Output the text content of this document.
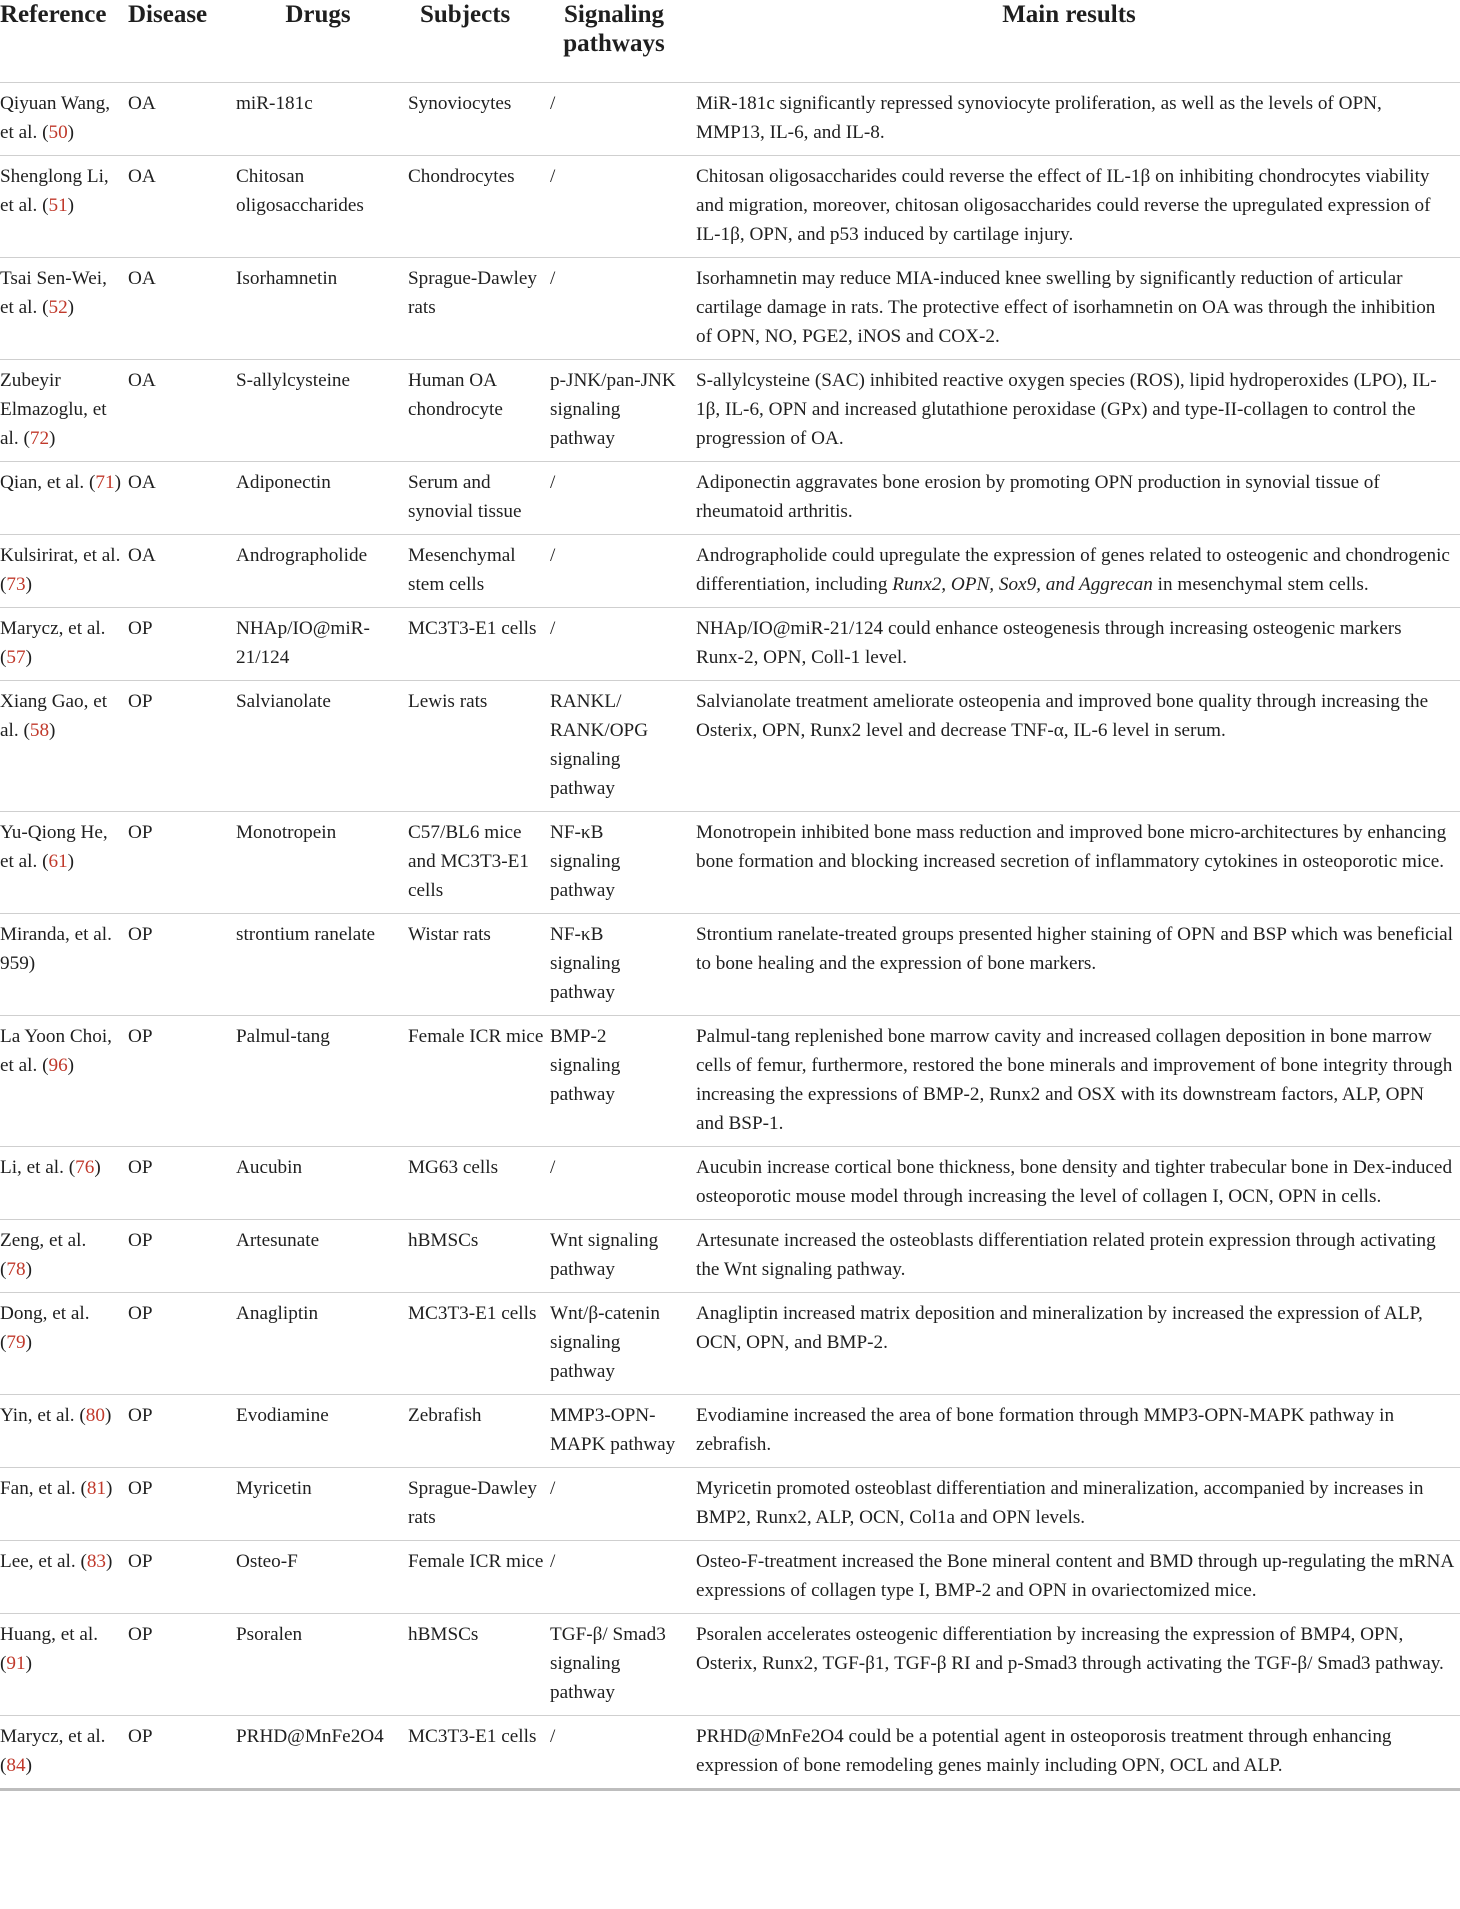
Reference	Disease	Drugs	Subjects	Signaling pathways	Main results
Qiyuan Wang, et al. (50)	OA	miR-181c	Synoviocytes	/	MiR-181c significantly repressed synoviocyte proliferation, as well as the levels of OPN, MMP13, IL-6, and IL-8.
Shenglong Li, et al. (51)	OA	Chitosan oligosaccharides	Chondrocytes	/	Chitosan oligosaccharides could reverse the effect of IL-1β on inhibiting chondrocytes viability and migration, moreover, chitosan oligosaccharides could reverse the upregulated expression of IL-1β, OPN, and p53 induced by cartilage injury.
Tsai Sen-Wei, et al. (52)	OA	Isorhamnetin	Sprague-Dawley rats	/	Isorhamnetin may reduce MIA-induced knee swelling by significantly reduction of articular cartilage damage in rats. The protective effect of isorhamnetin on OA was through the inhibition of OPN, NO, PGE2, iNOS and COX-2.
Zubeyir Elmazoglu, et al. (72)	OA	S-allylcysteine	Human OA chondrocyte	p-JNK/pan-JNK signaling pathway	S-allylcysteine (SAC) inhibited reactive oxygen species (ROS), lipid hydroperoxides (LPO), IL-1β, IL-6, OPN and increased glutathione peroxidase (GPx) and type-II-collagen to control the progression of OA.
Qian, et al. (71)	OA	Adiponectin	Serum and synovial tissue	/	Adiponectin aggravates bone erosion by promoting OPN production in synovial tissue of rheumatoid arthritis.
Kulsirirat, et al. (73)	OA	Andrographolide	Mesenchymal stem cells	/	Andrographolide could upregulate the expression of genes related to osteogenic and chondrogenic differentiation, including Runx2, OPN, Sox9, and Aggrecan in mesenchymal stem cells.
Marycz, et al. (57)	OP	NHAp/IO@miR-21/124	MC3T3-E1 cells	/	NHAp/IO@miR-21/124 could enhance osteogenesis through increasing osteogenic markers Runx-2, OPN, Coll-1 level.
Xiang Gao, et al. (58)	OP	Salvianolate	Lewis rats	RANKL/ RANK/OPG signaling pathway	Salvianolate treatment ameliorate osteopenia and improved bone quality through increasing the Osterix, OPN, Runx2 level and decrease TNF-α, IL-6 level in serum.
Yu-Qiong He, et al. (61)	OP	Monotropein	C57/BL6 mice and MC3T3-E1 cells	NF-κB signaling pathway	Monotropein inhibited bone mass reduction and improved bone micro-architectures by enhancing bone formation and blocking increased secretion of inflammatory cytokines in osteoporotic mice.
Miranda, et al. 959)	OP	strontium ranelate	Wistar rats	NF-κB signaling pathway	Strontium ranelate-treated groups presented higher staining of OPN and BSP which was beneficial to bone healing and the expression of bone markers.
La Yoon Choi, et al. (96)	OP	Palmul-tang	Female ICR mice	BMP-2 signaling pathway	Palmul-tang replenished bone marrow cavity and increased collagen deposition in bone marrow cells of femur, furthermore, restored the bone minerals and improvement of bone integrity through increasing the expressions of BMP-2, Runx2 and OSX with its downstream factors, ALP, OPN and BSP-1.
Li, et al. (76)	OP	Aucubin	MG63 cells	/	Aucubin increase cortical bone thickness, bone density and tighter trabecular bone in Dex-induced osteoporotic mouse model through increasing the level of collagen I, OCN, OPN in cells.
Zeng, et al. (78)	OP	Artesunate	hBMSCs	Wnt signaling pathway	Artesunate increased the osteoblasts differentiation related protein expression through activating the Wnt signaling pathway.
Dong, et al. (79)	OP	Anagliptin	MC3T3-E1 cells	Wnt/β-catenin signaling pathway	Anagliptin increased matrix deposition and mineralization by increased the expression of ALP, OCN, OPN, and BMP-2.
Yin, et al. (80)	OP	Evodiamine	Zebrafish	MMP3-OPN-MAPK pathway	Evodiamine increased the area of bone formation through MMP3-OPN-MAPK pathway in zebrafish.
Fan, et al. (81)	OP	Myricetin	Sprague-Dawley rats	/	Myricetin promoted osteoblast differentiation and mineralization, accompanied by increases in BMP2, Runx2, ALP, OCN, Col1a and OPN levels.
Lee, et al. (83)	OP	Osteo-F	Female ICR mice	/	Osteo-F-treatment increased the Bone mineral content and BMD through up-regulating the mRNA expressions of collagen type I, BMP-2 and OPN in ovariectomized mice.
Huang, et al. (91)	OP	Psoralen	hBMSCs	TGF-β/ Smad3 signaling pathway	Psoralen accelerates osteogenic differentiation by increasing the expression of BMP4, OPN, Osterix, Runx2, TGF-β1, TGF-β RI and p-Smad3 through activating the TGF-β/ Smad3 pathway.
Marycz, et al. (84)	OP	PRHD@MnFe2O4	MC3T3-E1 cells	/	PRHD@MnFe2O4 could be a potential agent in osteoporosis treatment through enhancing expression of bone remodeling genes mainly including OPN, OCL and ALP.
